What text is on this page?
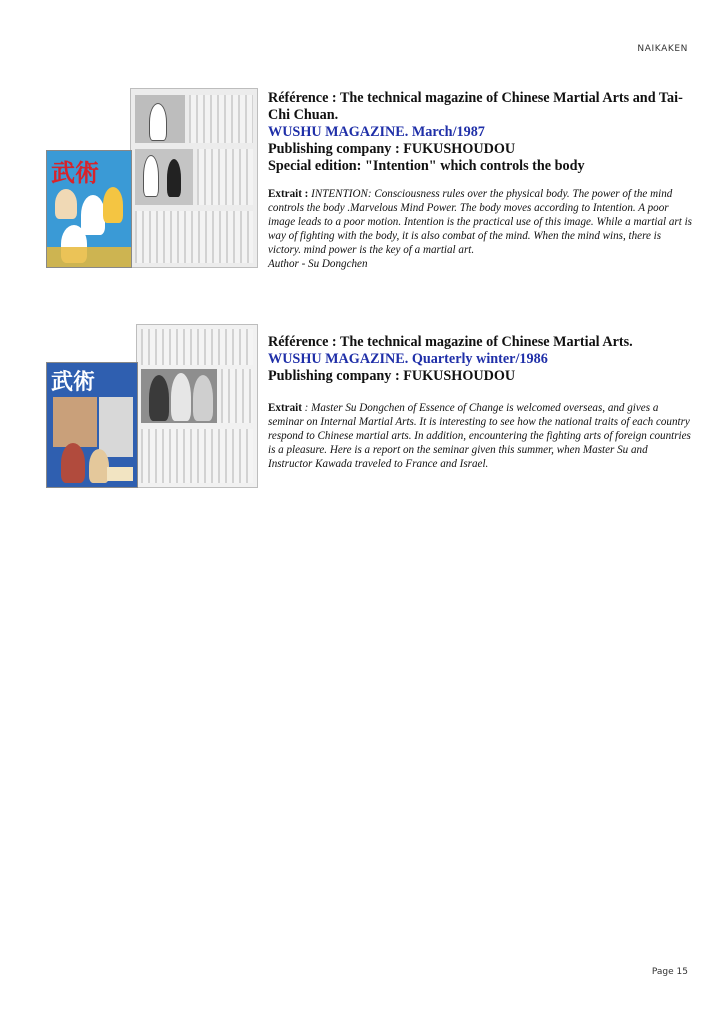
NAIKAKEN
武術
Référence : The technical magazine of Chinese Martial Arts and Tai-
Chi Chuan.
WUSHU MAGAZINE. March/1987
Publishing company : FUKUSHOUDOU
Special edition: "Intention" which controls the body
Extrait : INTENTION: Consciousness rules over the physical body. The power of the mind controls the body .Marvelous Mind Power. The body moves according to Intention. A poor image leads to a poor motion. Intention is the practical use of this image. While a martial art is way of fighting with the body, it is also combat of the mind. When the mind wins, there is victory. mind power is the key of a martial art.
Author - Su Dongchen
武術
Référence : The technical magazine of Chinese Martial Arts.
WUSHU MAGAZINE. Quarterly winter/1986
Publishing company : FUKUSHOUDOU
Extrait : Master Su Dongchen of Essence of Change is welcomed overseas, and gives a seminar on Internal Martial Arts. It is interesting to see how the national traits of each country respond to Chinese martial arts. In addition, encountering the fighting arts of foreign countries is a pleasure. Here is a report on the seminar given this summer, when Master Su and Instructor Kawada traveled to France and Israel.
Page 15
